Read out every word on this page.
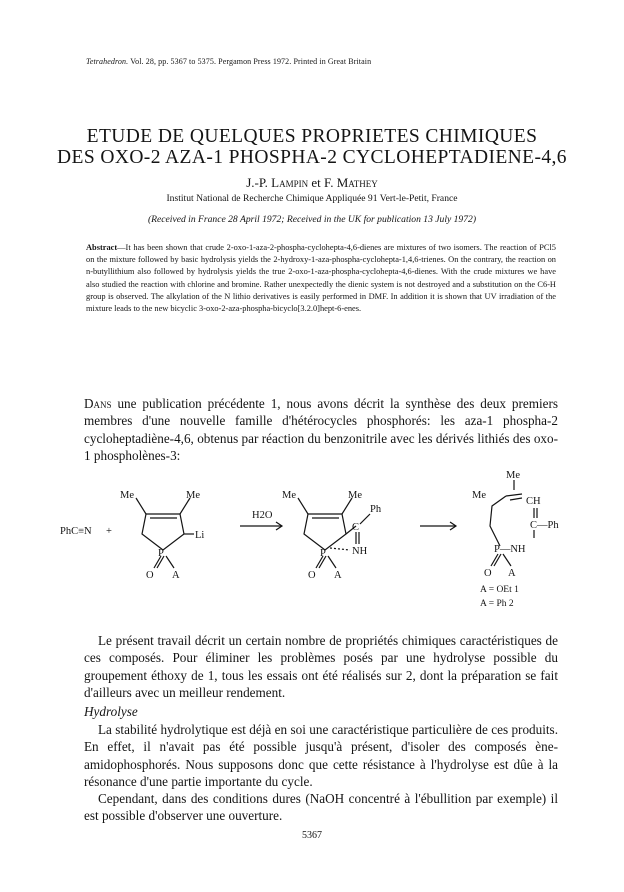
Tetrahedron. Vol. 28, pp. 5367 to 5375. Pergamon Press 1972. Printed in Great Britain
ETUDE DE QUELQUES PROPRIETES CHIMIQUES
DES OXO-2 AZA-1 PHOSPHA-2 CYCLOHEPTADIENE-4,6
J.-P. Lampin et F. Mathey
Institut National de Recherche Chimique Appliquée 91 Vert-le-Petit, France
(Received in France 28 April 1972; Received in the UK for publication 13 July 1972)
Abstract—It has been shown that crude 2-oxo-1-aza-2-phospha-cyclohepta-4,6-dienes are mixtures of two isomers. The reaction of PCl5 on the mixture followed by basic hydrolysis yields the 2-hydroxy-1-aza-phospha-cyclohepta-1,4,6-trienes. On the contrary, the reaction on n-butyllithium also followed by hydrolysis yields the true 2-oxo-1-aza-phospha-cyclohepta-4,6-dienes. With the crude mixtures we have also studied the reaction with chlorine and bromine. Rather unexpectedly the dienic system is not destroyed and a substitution on the C6-H group is observed. The alkylation of the N lithio derivatives is easily performed in DMF. In addition it is shown that UV irradiation of the mixture leads to the new bicyclic 3-oxo-2-aza-phospha-bicyclo[3.2.0]hept-6-enes.
Dans une publication précédente 1, nous avons décrit la synthèse des deux premiers membres d'une nouvelle famille d'hétérocycles phosphorés: les aza-1 phospha-2 cycloheptadiène-4,6, obtenus par réaction du benzonitrile avec les dérivés lithiés des oxo-1 phospholènes-3:
PhC≡N +
Me	Me
Li
P
O A
H2O
Me	Me
Ph
C
NH
P
O A
Me
Me
CH
C—Ph
P—NH
O A
A = OEt 1
A = Ph 2
Le présent travail décrit un certain nombre de propriétés chimiques caractéristiques de ces composés. Pour éliminer les problèmes posés par une hydrolyse possible du groupement éthoxy de 1, tous les essais ont été réalisés sur 2, dont la préparation se fait d'ailleurs avec un meilleur rendement.
Hydrolyse
La stabilité hydrolytique est déjà en soi une caractéristique particulière de ces produits. En effet, il n'avait pas été possible jusqu'à présent, d'isoler des composés ène-amidophosphorés. Nous supposons donc que cette résistance à l'hydrolyse est dûe à la résonance d'une partie importante du cycle.
Cependant, dans des conditions dures (NaOH concentré à l'ébullition par exemple) il est possible d'observer une ouverture.
5367
